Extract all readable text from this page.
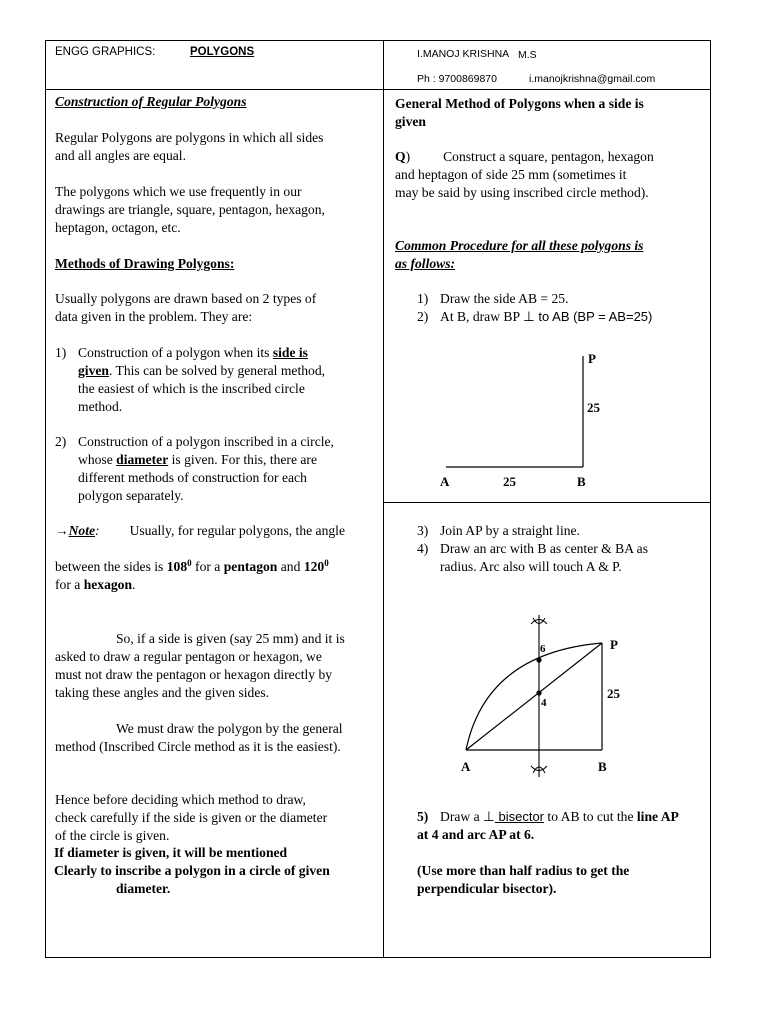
ENGG GRAPHICS:	POLYGONS	I.MANOJ KRISHNA M.S
Ph : 9700869870	i.manojkrishna@gmail.com
Construction of Regular Polygons
Regular Polygons are polygons in which all sides
and all angles are equal.
The polygons which we use frequently in our
drawings are triangle, square, pentagon, hexagon,
heptagon, octagon, etc.
Methods of Drawing Polygons:
Usually polygons are drawn based on 2 types of
data given in the problem. They are:
1) Construction of a polygon when its side is
given. This can be solved by general method,
the easiest of which is the inscribed circle
method.
2) Construction of a polygon inscribed in a circle,
whose diameter is given. For this, there are
different methods of construction for each
polygon separately.
→Note: Usually, for regular polygons, the angle
between the sides is $108^0$ for a pentagon and $120^0$
for a hexagon.
So, if a side is given (say 25 mm) and it is
asked to draw a regular pentagon or hexagon, we
must not draw the pentagon or hexagon directly by
taking these angles and the given sides.
We must draw the polygon by the general
method (Inscribed Circle method as it is the easiest).
Hence before deciding which method to draw,
check carefully if the side is given or the diameter
of the circle is given.
If diameter is given, it will be mentioned
Clearly to inscribe a polygon in a circle of given
diameter.
General Method of Polygons when a side is
given
Q) Construct a square, pentagon, hexagon
and heptagon of side 25 mm (sometimes it
may be said by using inscribed circle method).
Common Procedure for all these polygons is
as follows:
1) Draw the side AB = 25.
2) At B, draw BP ⊥ to AB (BP = AB=25)
P
25
A	25	B
3) Join AP by a straight line.
4) Draw an arc with B as center & BA as
radius. Arc also will touch A & P.
6
4
P
25
A	B
5) Draw a ⊥ bisector to AB to cut the line AP
at 4 and arc AP at 6.
(Use more than half radius to get the
perpendicular bisector).
